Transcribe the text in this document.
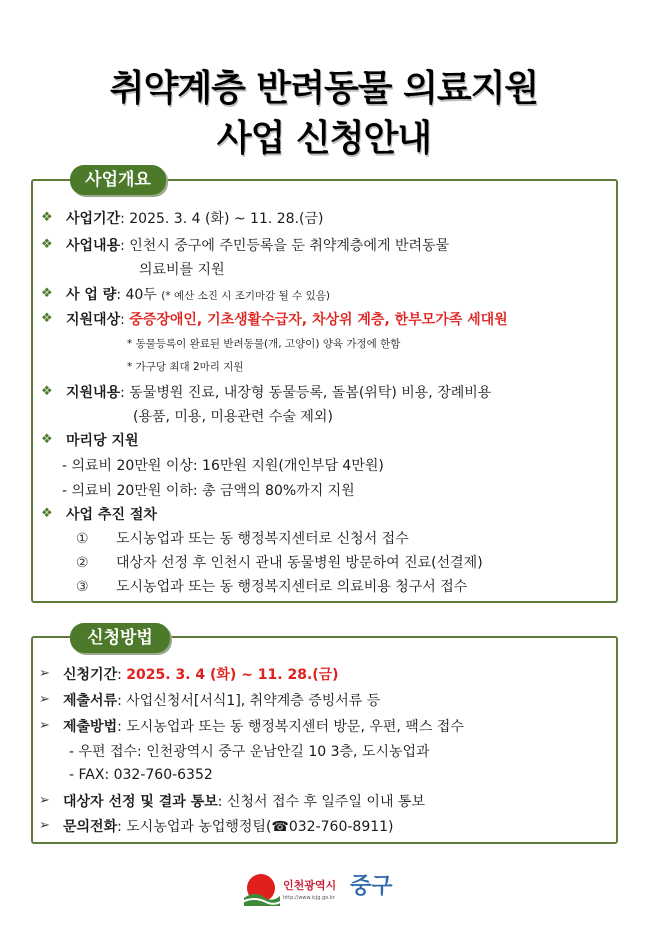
취약계층 반려동물 의료지원
사업 신청안내
사업개요
❖ 사업기간: 2025. 3. 4 (화) ~ 11. 28.(금)
❖ 사업내용: 인천시 중구에 주민등록을 둔 취약계층에게 반려동물
의료비를 지원
❖ 사 업 량: 40두 (* 예산 소진 시 조기마감 될 수 있음)
❖ 지원대상: 중증장애인, 기초생활수급자, 차상위 계층, 한부모가족 세대원
* 동물등록이 완료된 반려동물(개, 고양이) 양육 가정에 한함
* 가구당 최대 2마리 지원
❖ 지원내용: 동물병원 진료, 내장형 동물등록, 돌봄(위탁) 비용, 장례비용
(용품, 미용, 미용관련 수술 제외)
❖ 마리당 지원
- 의료비 20만원 이상: 16만원 지원(개인부담 4만원)
- 의료비 20만원 이하: 총 금액의 80%까지 지원
❖ 사업 추진 절차
① 도시농업과 또는 동 행정복지센터로 신청서 접수
② 대상자 선정 후 인천시 관내 동물병원 방문하여 진료(선결제)
③ 도시농업과 또는 동 행정복지센터로 의료비용 청구서 접수
신청방법
➢ 신청기간: 2025. 3. 4 (화) ~ 11. 28.(금)
➢ 제출서류: 사업신청서[서식1], 취약계층 증빙서류 등
➢ 제출방법: 도시농업과 또는 동 행정복지센터 방문, 우편, 팩스 접수
- 우편 접수: 인천광역시 중구 운남안길 10 3층, 도시농업과
- FAX: 032-760-6352
➢ 대상자 선정 및 결과 통보: 신청서 접수 후 일주일 이내 통보
➢ 문의전화: 도시농업과 농업행정팀(☎032-760-8911)
인천광역시 중구
http://www.icjg.go.kr
